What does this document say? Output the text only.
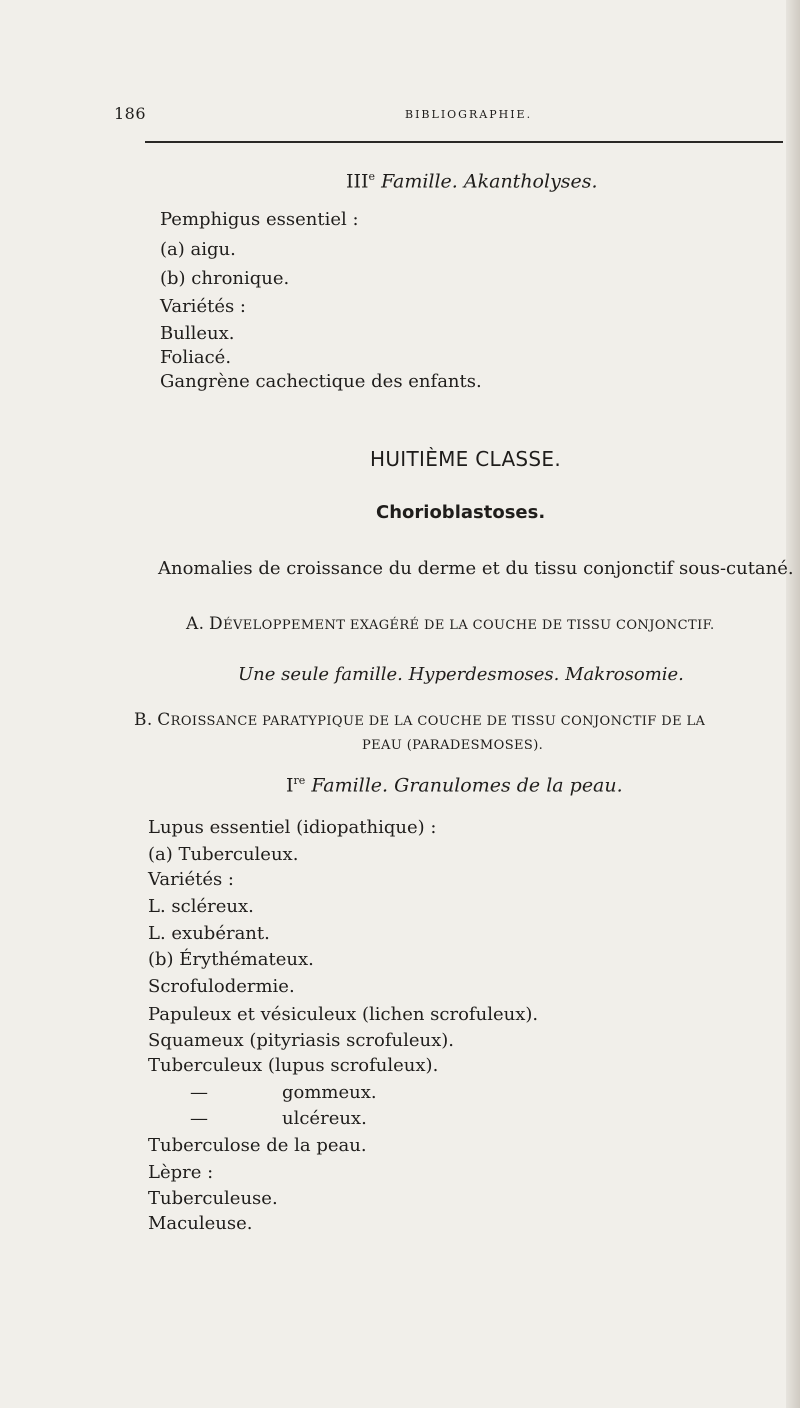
186	BIBLIOGRAPHIE.
IIIe Famille. Akantholyses.
Pemphigus essentiel :
(a) aigu.
(b) chronique.
Variétés :
Bulleux.
Foliacé.
Gangrène cachectique des enfants.
HUITIÈME CLASSE.
Chorioblastoses.
Anomalies de croissance du derme et du tissu conjonctif sous-cutané.
A. DÉVELOPPEMENT EXAGÉRÉ DE LA COUCHE DE TISSU CONJONCTIF.
Une seule famille. Hyperdesmoses. Makrosomie.
B. CROISSANCE PARATYPIQUE DE LA COUCHE DE TISSU CONJONCTIF DE LA
PEAU (PARADESMOSES).
Ire Famille. Granulomes de la peau.
Lupus essentiel (idiopathique) :
(a) Tuberculeux.
Variétés :
L. scléreux.
L. exubérant.
(b) Érythémateux.
Scrofulodermie.
Papuleux et vésiculeux (lichen scrofuleux).
Squameux (pityriasis scrofuleux).
Tuberculeux (lupus scrofuleux).
—	gommeux.
—	ulcéreux.
Tuberculose de la peau.
Lèpre :
Tuberculeuse.
Maculeuse.
